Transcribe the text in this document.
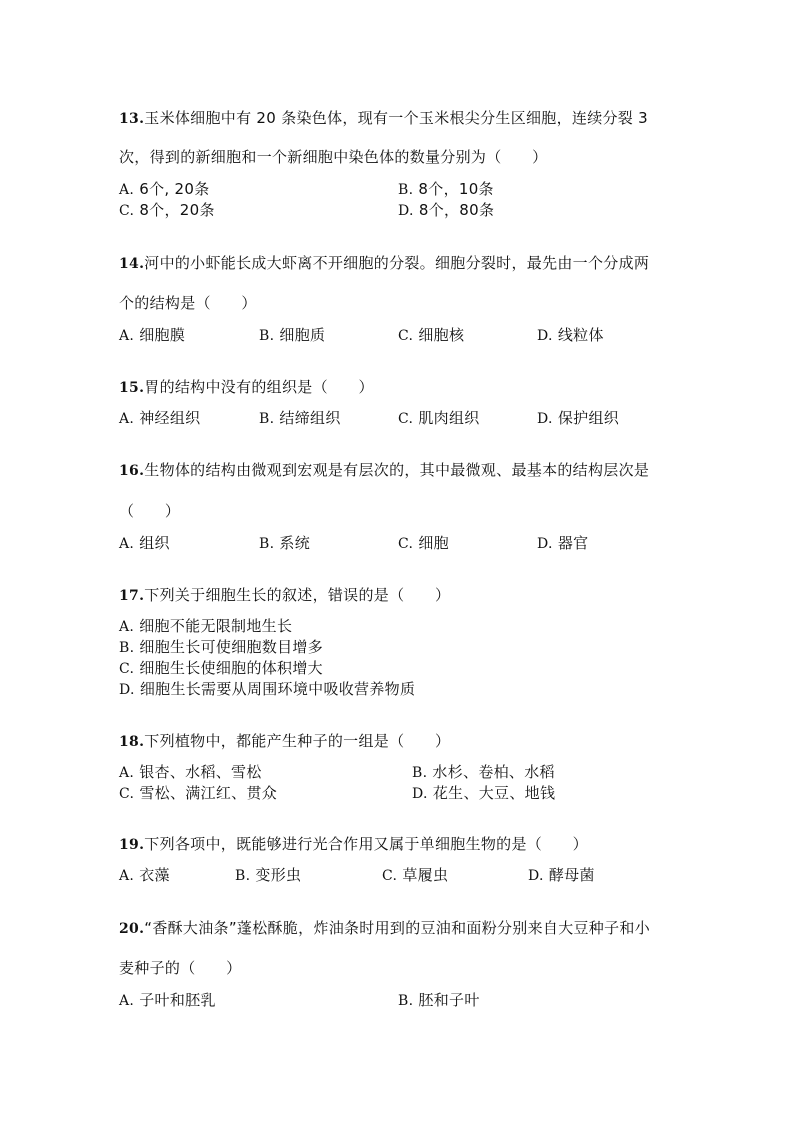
13.玉米体细胞中有 20 条染色体，现有一个玉米根尖分生区细胞，连续分裂 3
次，得到的新细胞和一个新细胞中染色体的数量分别为（　　）
A. 6个, 20条	B. 8个，10条
C. 8个，20条	D. 8个，80条
14.河中的小虾能长成大虾离不开细胞的分裂。细胞分裂时，最先由一个分成两
个的结构是（　　）
A. 细胞膜	B. 细胞质	C. 细胞核	D. 线粒体
15.胃的结构中没有的组织是（　　）
A. 神经组织	B. 结缔组织	C. 肌肉组织	D. 保护组织
16.生物体的结构由微观到宏观是有层次的，其中最微观、最基本的结构层次是
（　　）
A. 组织	B. 系统	C. 细胞	D. 器官
17.下列关于细胞生长的叙述，错误的是（　　）
A. 细胞不能无限制地生长
B. 细胞生长可使细胞数目增多
C. 细胞生长使细胞的体积增大
D. 细胞生长需要从周围环境中吸收营养物质
18.下列植物中，都能产生种子的一组是（　　）
A. 银杏、水稻、雪松	B. 水杉、卷柏、水稻
C. 雪松、满江红、贯众	D. 花生、大豆、地钱
19.下列各项中，既能够进行光合作用又属于单细胞生物的是（　　）
A. 衣藻	B. 变形虫	C. 草履虫	D. 酵母菌
20.“香酥大油条”蓬松酥脆，炸油条时用到的豆油和面粉分别来自大豆种子和小
麦种子的（　　）
A. 子叶和胚乳	B. 胚和子叶
